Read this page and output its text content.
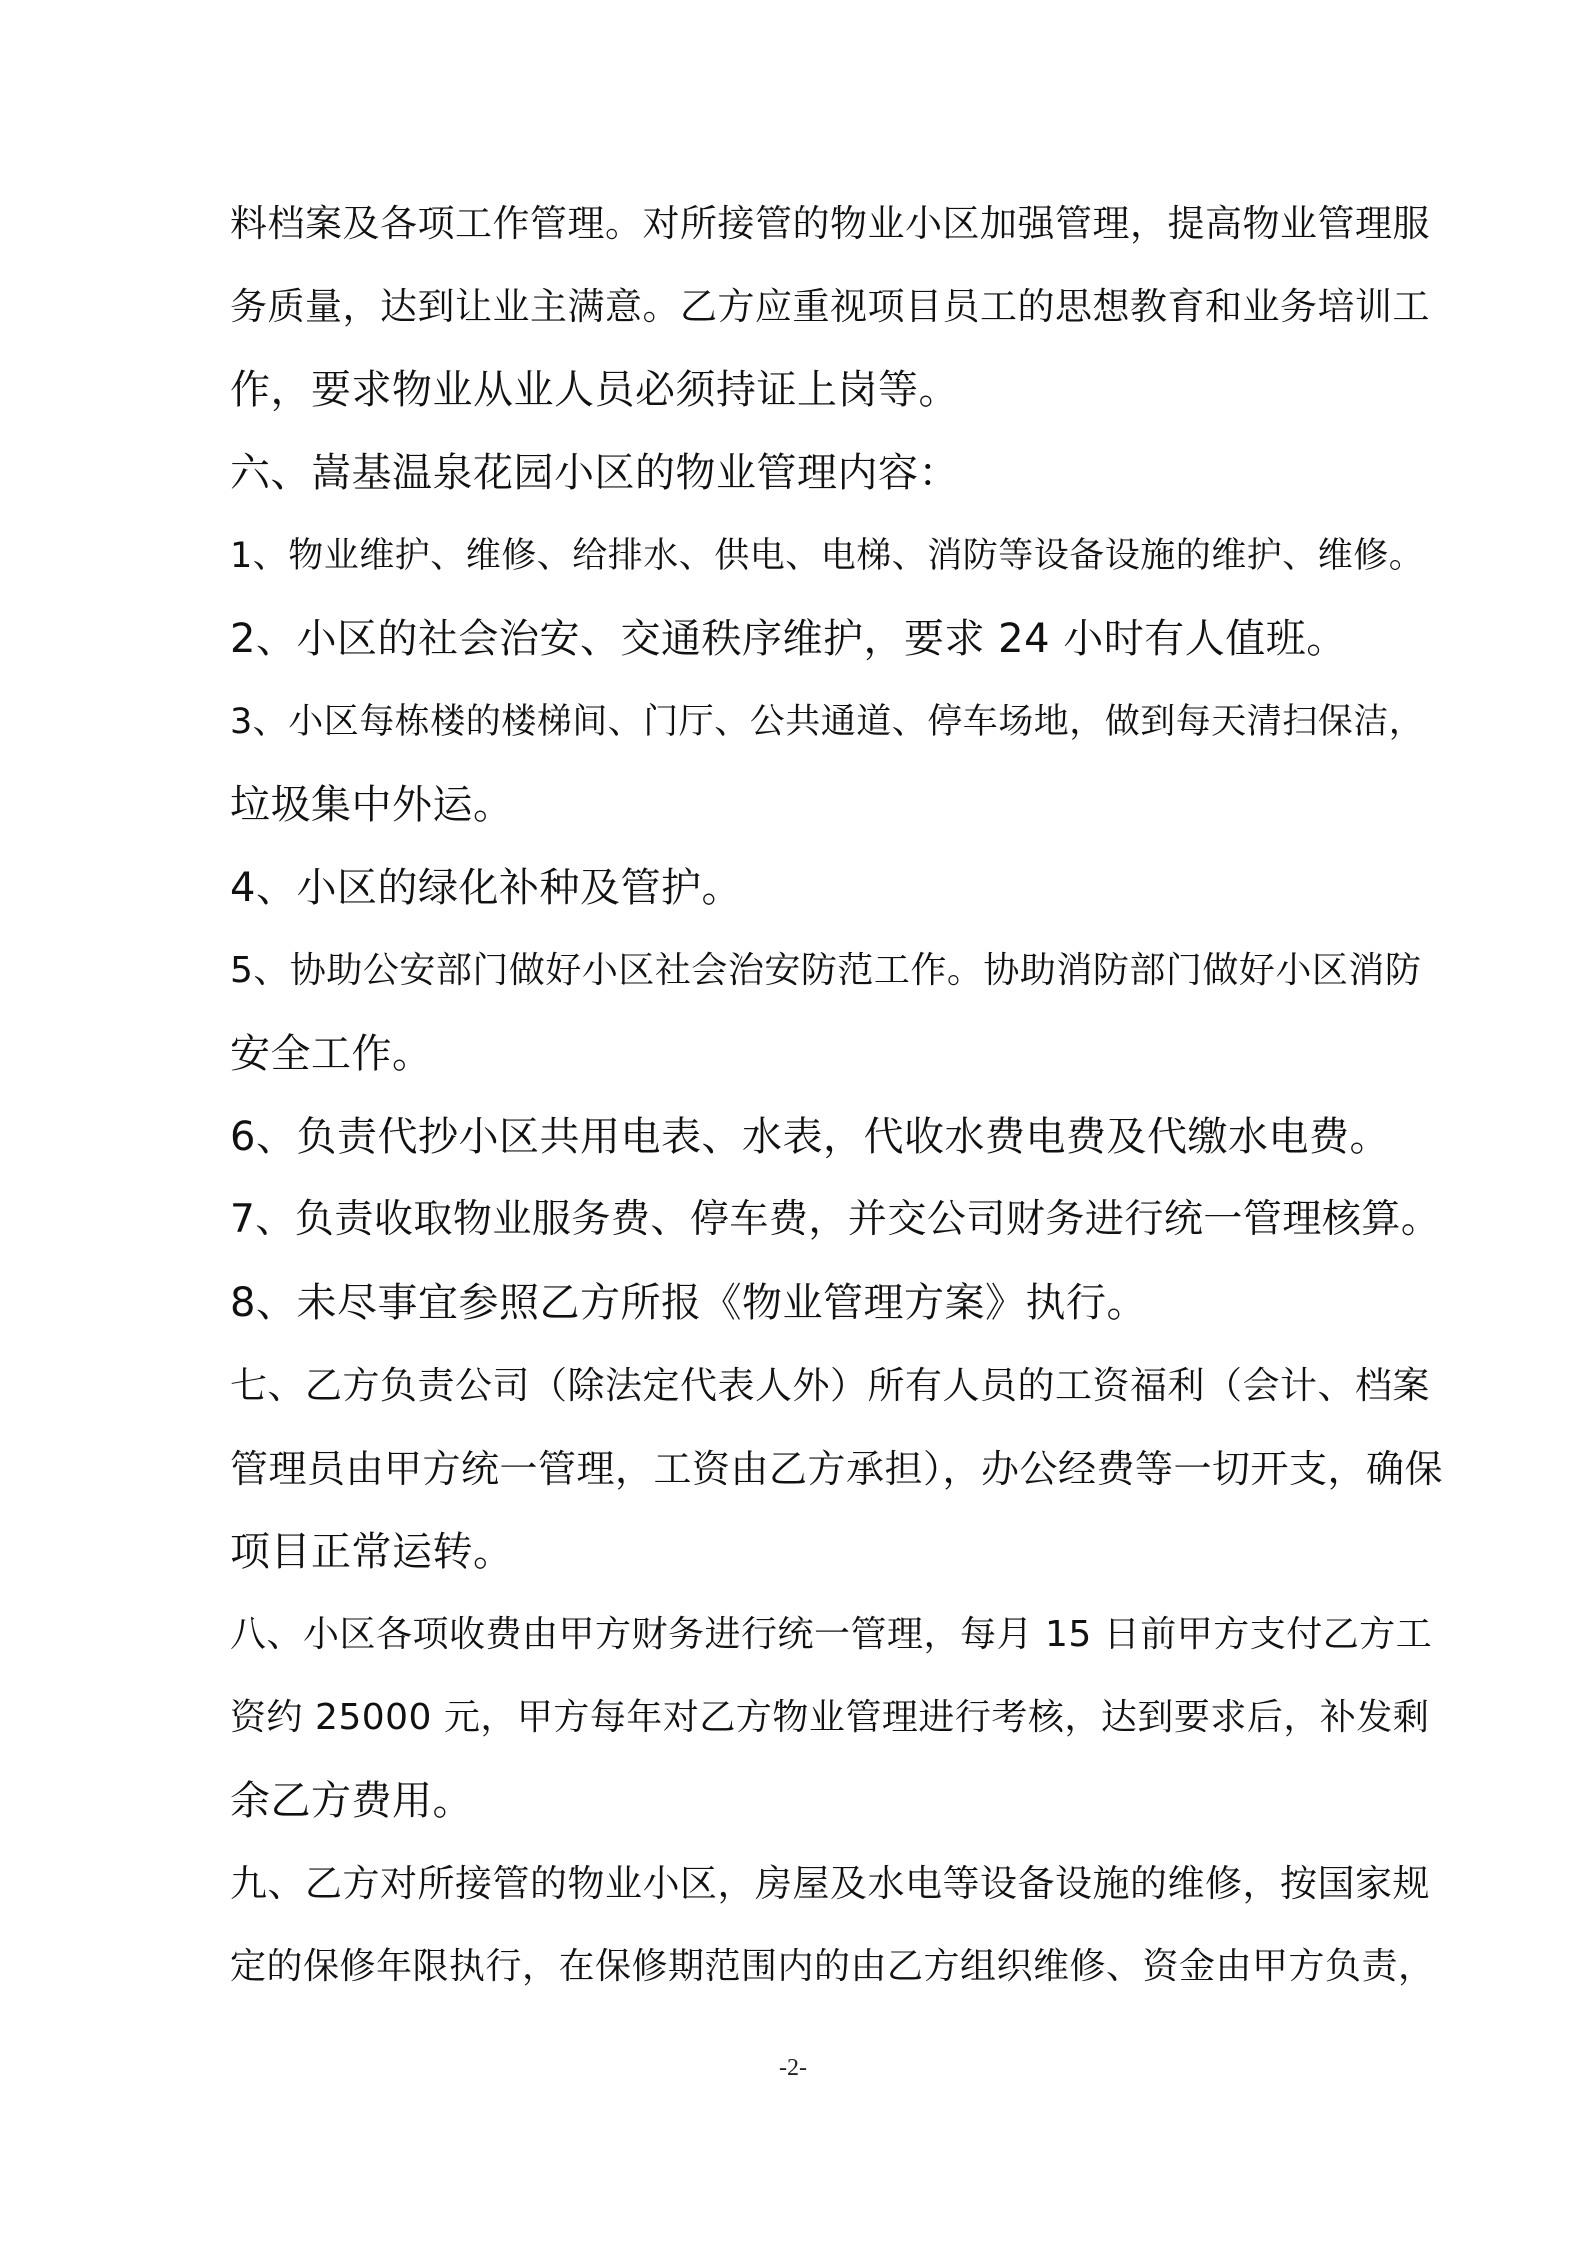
料档案及各项工作管理。对所接管的物业小区加强管理，提高物业管理服
务质量，达到让业主满意。乙方应重视项目员工的思想教育和业务培训工
作，要求物业从业人员必须持证上岗等。
六、嵩基温泉花园小区的物业管理内容：
1、物业维护、维修、给排水、供电、电梯、消防等设备设施的维护、维修。
2、小区的社会治安、交通秩序维护，要求 24 小时有人值班。
3、小区每栋楼的楼梯间、门厅、公共通道、停车场地，做到每天清扫保洁，
垃圾集中外运。
4、小区的绿化补种及管护。
5、协助公安部门做好小区社会治安防范工作。协助消防部门做好小区消防
安全工作。
6、负责代抄小区共用电表、水表，代收水费电费及代缴水电费。
7、负责收取物业服务费、停车费，并交公司财务进行统一管理核算。
8、未尽事宜参照乙方所报《物业管理方案》执行。
七、乙方负责公司（除法定代表人外）所有人员的工资福利（会计、档案
管理员由甲方统一管理，工资由乙方承担），办公经费等一切开支，确保
项目正常运转。
八、小区各项收费由甲方财务进行统一管理，每月 15 日前甲方支付乙方工
资约 25000 元，甲方每年对乙方物业管理进行考核，达到要求后，补发剩
余乙方费用。
九、乙方对所接管的物业小区，房屋及水电等设备设施的维修，按国家规
定的保修年限执行，在保修期范围内的由乙方组织维修、资金由甲方负责，
-2-
